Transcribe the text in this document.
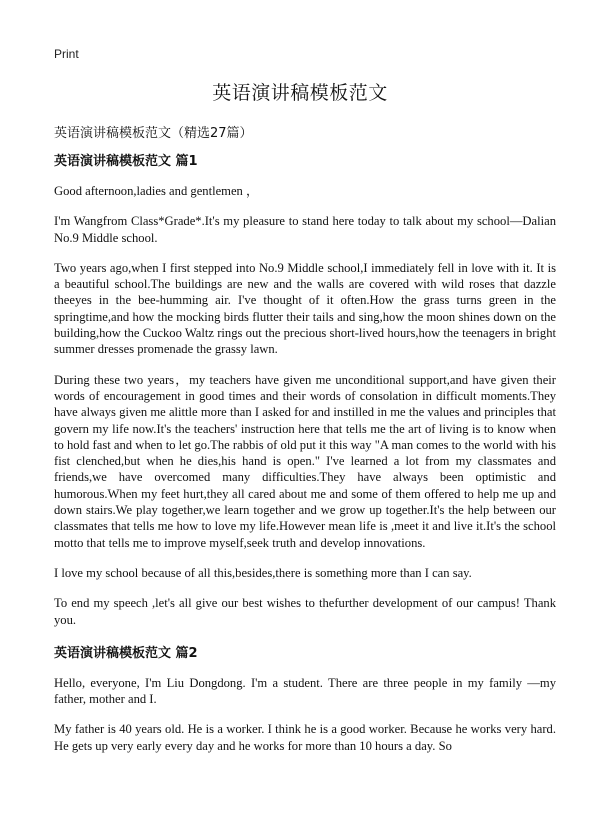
Print
英语演讲稿模板范文
英语演讲稿模板范文（精选27篇）
英语演讲稿模板范文 篇1

Good afternoon,ladies and gentlemen ，

I'm Wangfrom Class*Grade*.It's my pleasure to stand here today to talk about my school—Dalian No.9 Middle school.

Two years ago,when I first stepped into No.9 Middle school,I immediately fell in love with it. It is a beautiful school.The buildings are new and the walls are covered with wild roses that dazzle theeyes in the bee-humming air. I've thought of it often.How the grass turns green in the springtime,and how the mocking birds flutter their tails and sing,how the moon shines down on the building,how the Cuckoo Waltz rings out the precious short-lived hours,how the teenagers in bright summer dresses promenade the grassy lawn.

During these two years，my teachers have given me unconditional support,and have given their words of encouragement in good times and their words of consolation in difficult moments.They have always given me alittle more than I asked for and instilled in me the values and principles that govern my life now.It's the teachers' instruction here that tells me the art of living is to know when to hold fast and when to let go.The rabbis of old put it this way "A man comes to the world with his fist clenched,but when he dies,his hand is open." I've learned a lot from my classmates and friends,we have overcomed many difficulties.They have always been optimistic and humorous.When my feet hurt,they all cared about me and some of them offered to help me up and down stairs.We play together,we learn together and we grow up together.It's the help between our classmates that tells me how to love my life.However mean life is ,meet it and live it.It's the school motto that tells me to improve myself,seek truth and develop innovations.

I love my school because of all this,besides,there is something more than I can say.

To end my speech ,let's all give our best wishes to thefurther development of our campus! Thank you.

英语演讲稿模板范文 篇2

Hello, everyone, I'm Liu Dongdong. I'm a student. There are three people in my family —my father, mother and I.

My father is 40 years old. He is a worker. I think he is a good worker. Because he works very hard. He gets up very early every day and he works for more than 10 hours a day. So
